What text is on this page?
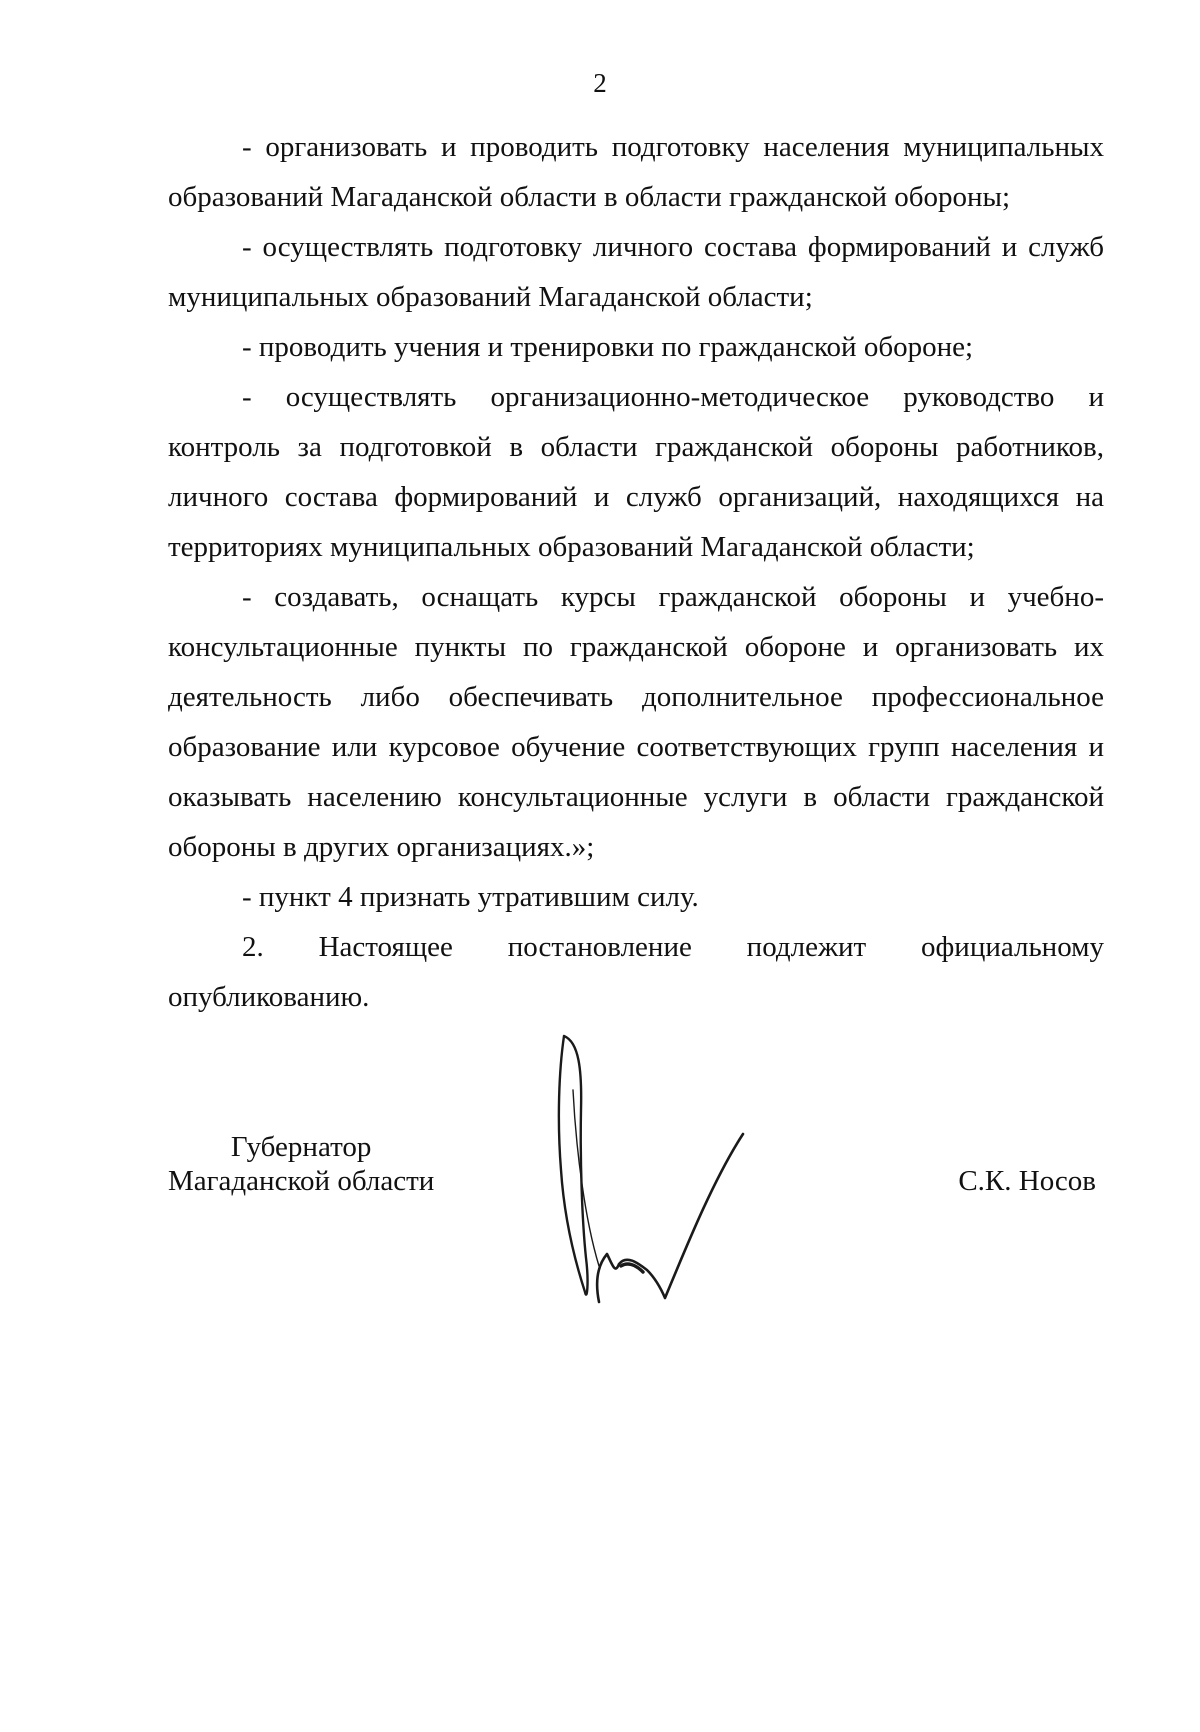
2

- организовать и проводить подготовку населения муниципальных образований Магаданской области в области гражданской обороны;

- осуществлять подготовку личного состава формирований и служб муниципальных образований Магаданской области;

- проводить учения и тренировки по гражданской обороне;

- осуществлять организационно-методическое руководство и контроль за подготовкой в области гражданской обороны работников, личного состава формирований и служб организаций, находящихся на территориях муниципальных образований Магаданской области;

- создавать, оснащать курсы гражданской обороны и учебно-консультационные пункты по гражданской обороне и организовать их деятельность либо обеспечивать дополнительное профессиональное образование или курсовое обучение соответствующих групп населения и оказывать населению консультационные услуги в области гражданской обороны в других организациях.»;

- пункт 4 признать утратившим силу.

2. Настоящее постановление подлежит официальному опубликованию.

Губернатор
Магаданской области	С.К. Носов
